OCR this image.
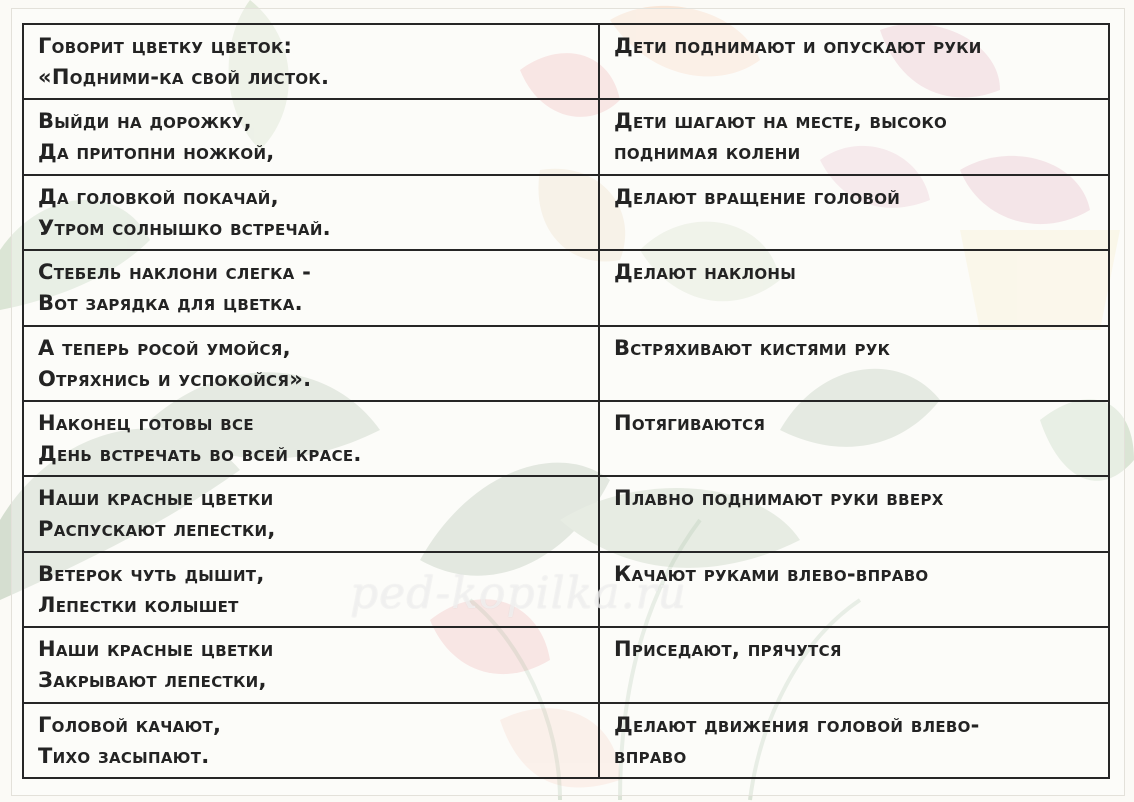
Говорит цветку цветок:
«Подними-ка свой листок.	Дети поднимают и опускают руки

Выйди на дорожку,
Да притопни ножкой,	Дети шагают на месте, высоко
поднимая колени

Да головкой покачай,
Утром солнышко встречай.	Делают вращение головой

Стебель наклони слегка -
Вот зарядка для цветка.	Делают наклоны

А теперь росой умойся,
Отряхнись и успокойся».	Встряхивают кистями рук

Наконец готовы все
День встречать во всей красе.	Потягиваются

Наши красные цветки
Распускают лепестки,	Плавно поднимают руки вверх

Ветерок чуть дышит,
Лепестки колышет	Качают руками влево-вправо

Наши красные цветки
Закрывают лепестки,	Приседают, прячутся

Головой качают,
Тихо засыпают.	Делают движения головой влево-
вправо
ped-kopilka.ru
